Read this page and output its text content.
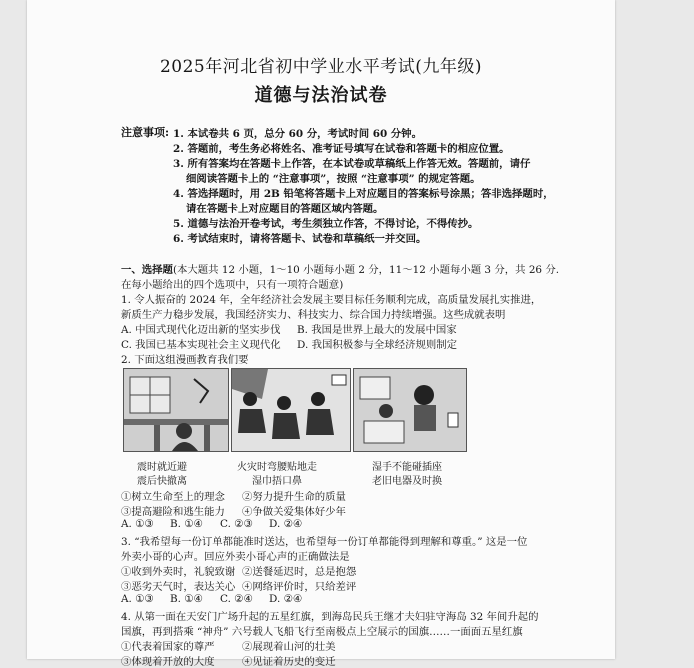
2025年河北省初中学业水平考试(九年级)
道德与法治试卷
注意事项: 1. 本试卷共 6 页，总分 60 分，考试时间 60 分钟。
2. 答题前，考生务必将姓名、准考证号填写在试卷和答题卡的相应位置。
3. 所有答案均在答题卡上作答，在本试卷或草稿纸上作答无效。答题前，请仔
细阅读答题卡上的 “注意事项”，按照 “注意事项” 的规定答题。
4. 答选择题时，用 2B 铅笔将答题卡上对应题目的答案标号涂黑；答非选择题时，
请在答题卡上对应题目的答题区域内答题。
5. 道德与法治开卷考试，考生须独立作答，不得讨论，不得传抄。
6. 考试结束时，请将答题卡、试卷和草稿纸一并交回。
一、选择题(本大题共 12 小题，1～10 小题每小题 2 分，11～12 小题每小题 3 分，共 26 分.
在每小题给出的四个选项中，只有一项符合题意)
1. 令人振奋的 2024 年，全年经济社会发展主要目标任务顺利完成，高质量发展扎实推进，
新质生产力稳步发展，我国经济实力、科技实力、综合国力持续增强。这些成就表明
A. 中国式现代化迈出新的坚实步伐 B. 我国是世界上最大的发展中国家
C. 我国已基本实现社会主义现代化 D. 我国积极参与全球经济规则制定
2. 下面这组漫画教育我们要
震时就近避
震后快撤离
火灾时弯腰贴地走
湿巾捂口鼻
湿手不能碰插座
老旧电器及时换
①树立生命至上的理念 ②努力提升生命的质量
③提高避险和逃生能力 ④争做关爱集体好少年
A. ①③ B. ①④ C. ②③ D. ②④
3. “我希望每一份订单都能准时送达，也希望每一份订单都能得到理解和尊重。” 这是一位
外卖小哥的心声。回应外卖小哥心声的正确做法是
①收到外卖时，礼貌致谢 ②送餐延迟时，总是抱怨
③恶劣天气时，表达关心 ④网络评价时，只给差评
A. ①③ B. ①④ C. ②④ D. ②④
4. 从第一面在天安门广场升起的五星红旗，到海岛民兵王继才夫妇驻守海岛 32 年间升起的
国旗，再到搭乘 “神舟” 六号载人飞船飞行至南极点上空展示的国旗……一面面五星红旗
①代表着国家的尊严	②展现着山河的壮美
③体现着开放的大度	④见证着历史的变迁
